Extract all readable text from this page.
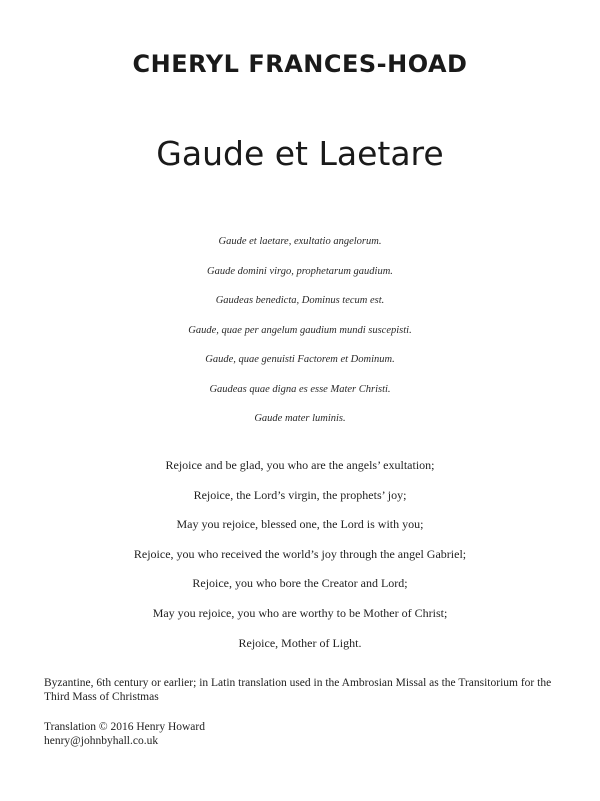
CHERYL FRANCES-HOAD
Gaude et Laetare
Gaude et laetare, exultatio angelorum.
Gaude domini virgo, prophetarum gaudium.
Gaudeas benedicta, Dominus tecum est.
Gaude, quae per angelum gaudium mundi suscepisti.
Gaude, quae genuisti Factorem et Dominum.
Gaudeas quae digna es esse Mater Christi.
Gaude mater luminis.
Rejoice and be glad, you who are the angels’ exultation;
Rejoice, the Lord’s virgin, the prophets’ joy;
May you rejoice, blessed one, the Lord is with you;
Rejoice, you who received the world’s joy through the angel Gabriel;
Rejoice, you who bore the Creator and Lord;
May you rejoice, you who are worthy to be Mother of Christ;
Rejoice, Mother of Light.

Byzantine, 6th century or earlier; in Latin translation used in the Ambrosian Missal as the Transitorium for the Third Mass of Christmas

Translation © 2016 Henry Howard
henry@johnbyhall.co.uk
